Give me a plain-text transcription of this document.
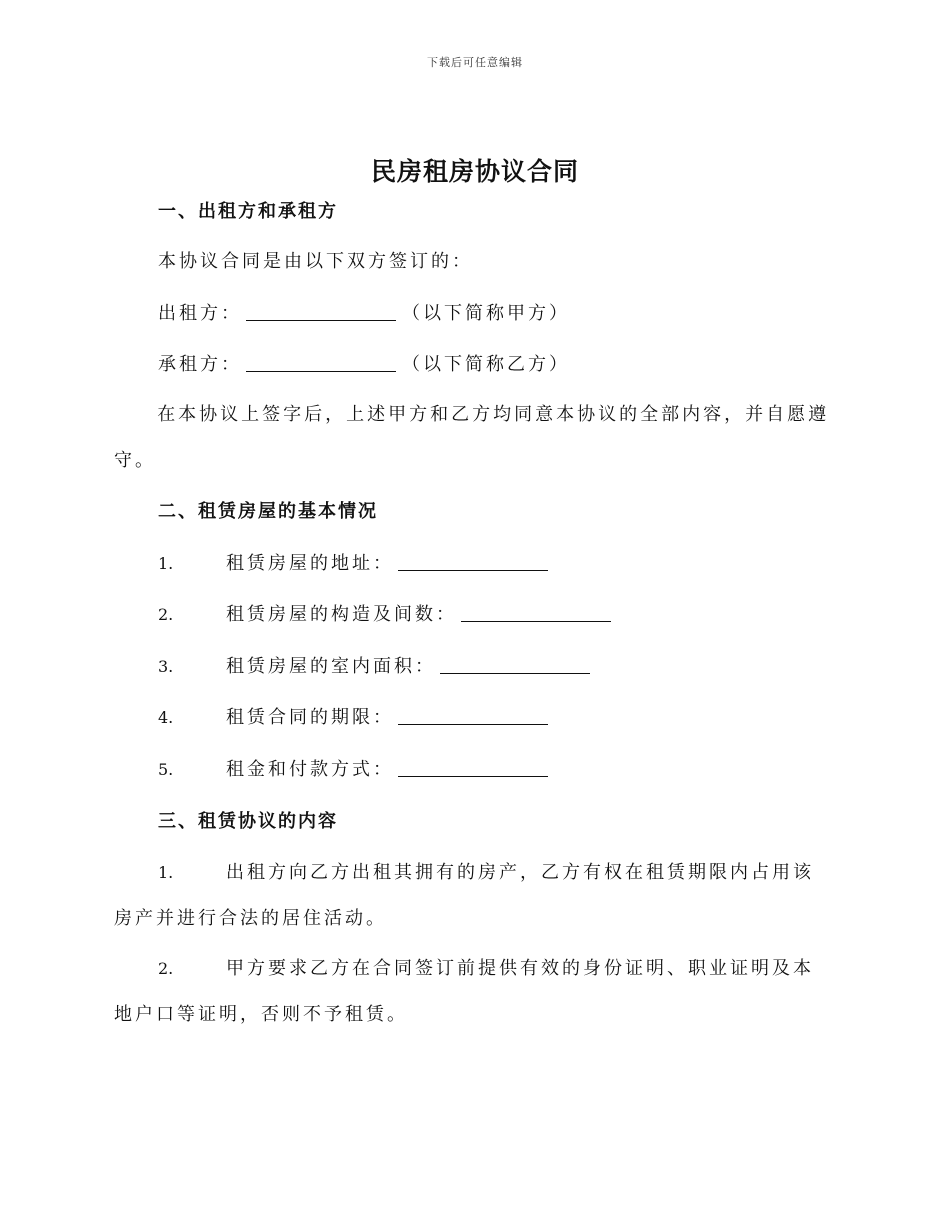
下载后可任意编辑
民房租房协议合同
一、出租方和承租方
本协议合同是由以下双方签订的：
出租方：	（以下简称甲方）
承租方：	（以下简称乙方）
在本协议上签字后，上述甲方和乙方均同意本协议的全部内容，并自愿遵守。
二、租赁房屋的基本情况
1.	租赁房屋的地址：
2.	租赁房屋的构造及间数：
3.	租赁房屋的室内面积：
4.	租赁合同的期限：
5.	租金和付款方式：
三、租赁协议的内容
1.	出租方向乙方出租其拥有的房产，乙方有权在租赁期限内占用该房产并进行合法的居住活动。
2.	甲方要求乙方在合同签订前提供有效的身份证明、职业证明及本地户口等证明，否则不予租赁。
